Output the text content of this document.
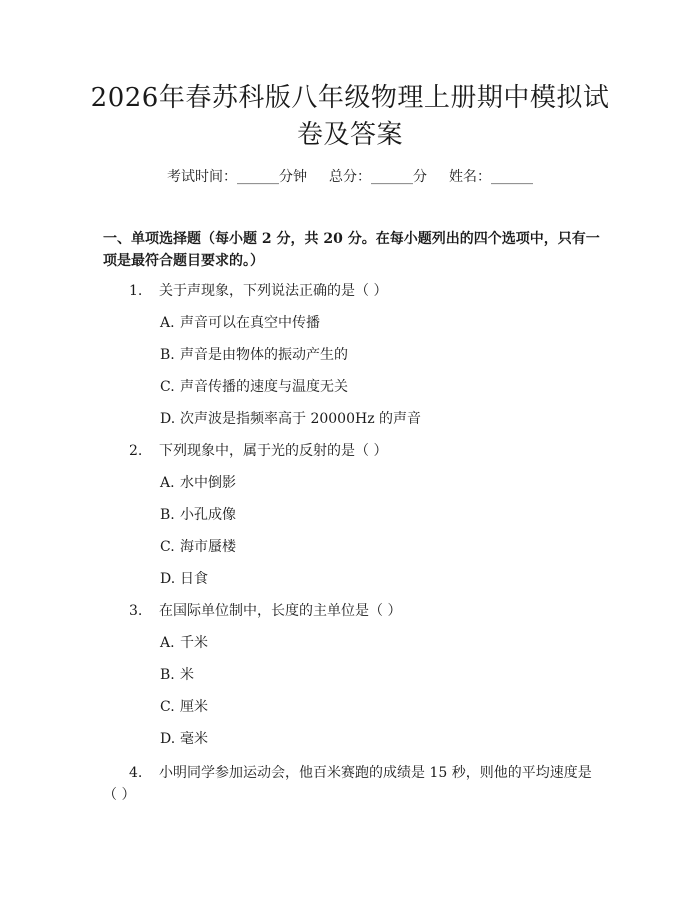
2026年春苏科版八年级物理上册期中模拟试卷及答案
考试时间：______分钟 总分：______分 姓名：______
一、单项选择题（每小题 2 分，共 20 分。在每小题列出的四个选项中，只有一项是最符合题目要求的。）
1. 关于声现象，下列说法正确的是（ ）
A. 声音可以在真空中传播
B. 声音是由物体的振动产生的
C. 声音传播的速度与温度无关
D. 次声波是指频率高于 20000Hz 的声音
2. 下列现象中，属于光的反射的是（ ）
A. 水中倒影
B. 小孔成像
C. 海市蜃楼
D. 日食
3. 在国际单位制中，长度的主单位是（ ）
A. 千米
B. 米
C. 厘米
D. 毫米
4. 小明同学参加运动会，他百米赛跑的成绩是 15 秒，则他的平均速度是（ ）
